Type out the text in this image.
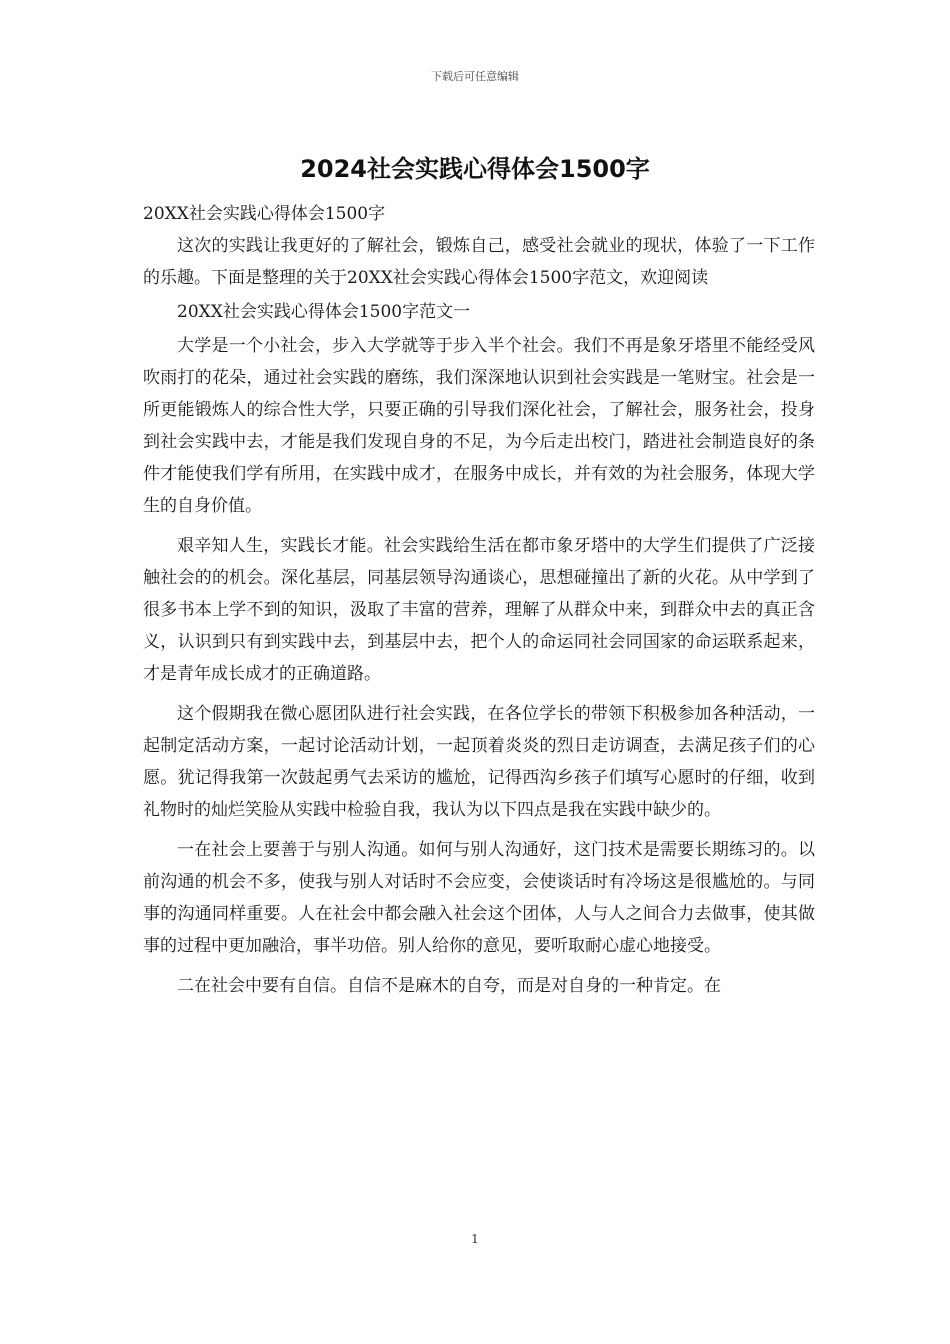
下载后可任意编辑
2024社会实践心得体会1500字

20XX社会实践心得体会1500字

这次的实践让我更好的了解社会，锻炼自己，感受社会就业的现状，体验了一下工作的乐趣。下面是整理的关于20XX社会实践心得体会1500字范文，欢迎阅读

20XX社会实践心得体会1500字范文一

大学是一个小社会，步入大学就等于步入半个社会。我们不再是象牙塔里不能经受风吹雨打的花朵，通过社会实践的磨练，我们深深地认识到社会实践是一笔财宝。社会是一所更能锻炼人的综合性大学，只要正确的引导我们深化社会，了解社会，服务社会，投身到社会实践中去，才能是我们发现自身的不足，为今后走出校门，踏进社会制造良好的条件才能使我们学有所用，在实践中成才，在服务中成长，并有效的为社会服务，体现大学生的自身价值。

艰辛知人生，实践长才能。社会实践给生活在都市象牙塔中的大学生们提供了广泛接触社会的的机会。深化基层，同基层领导沟通谈心，思想碰撞出了新的火花。从中学到了很多书本上学不到的知识，汲取了丰富的营养，理解了从群众中来，到群众中去的真正含义，认识到只有到实践中去，到基层中去，把个人的命运同社会同国家的命运联系起来，才是青年成长成才的正确道路。

这个假期我在微心愿团队进行社会实践，在各位学长的带领下积极参加各种活动，一起制定活动方案，一起讨论活动计划，一起顶着炎炎的烈日走访调查，去满足孩子们的心愿。犹记得我第一次鼓起勇气去采访的尴尬，记得西沟乡孩子们填写心愿时的仔细，收到礼物时的灿烂笑脸从实践中检验自我，我认为以下四点是我在实践中缺少的。

一在社会上要善于与别人沟通。如何与别人沟通好，这门技术是需要长期练习的。以前沟通的机会不多，使我与别人对话时不会应变，会使谈话时有冷场这是很尴尬的。与同事的沟通同样重要。人在社会中都会融入社会这个团体，人与人之间合力去做事，使其做事的过程中更加融洽，事半功倍。别人给你的意见，要听取耐心虚心地接受。

二在社会中要有自信。自信不是麻木的自夸，而是对自身的一种肯定。在

1
